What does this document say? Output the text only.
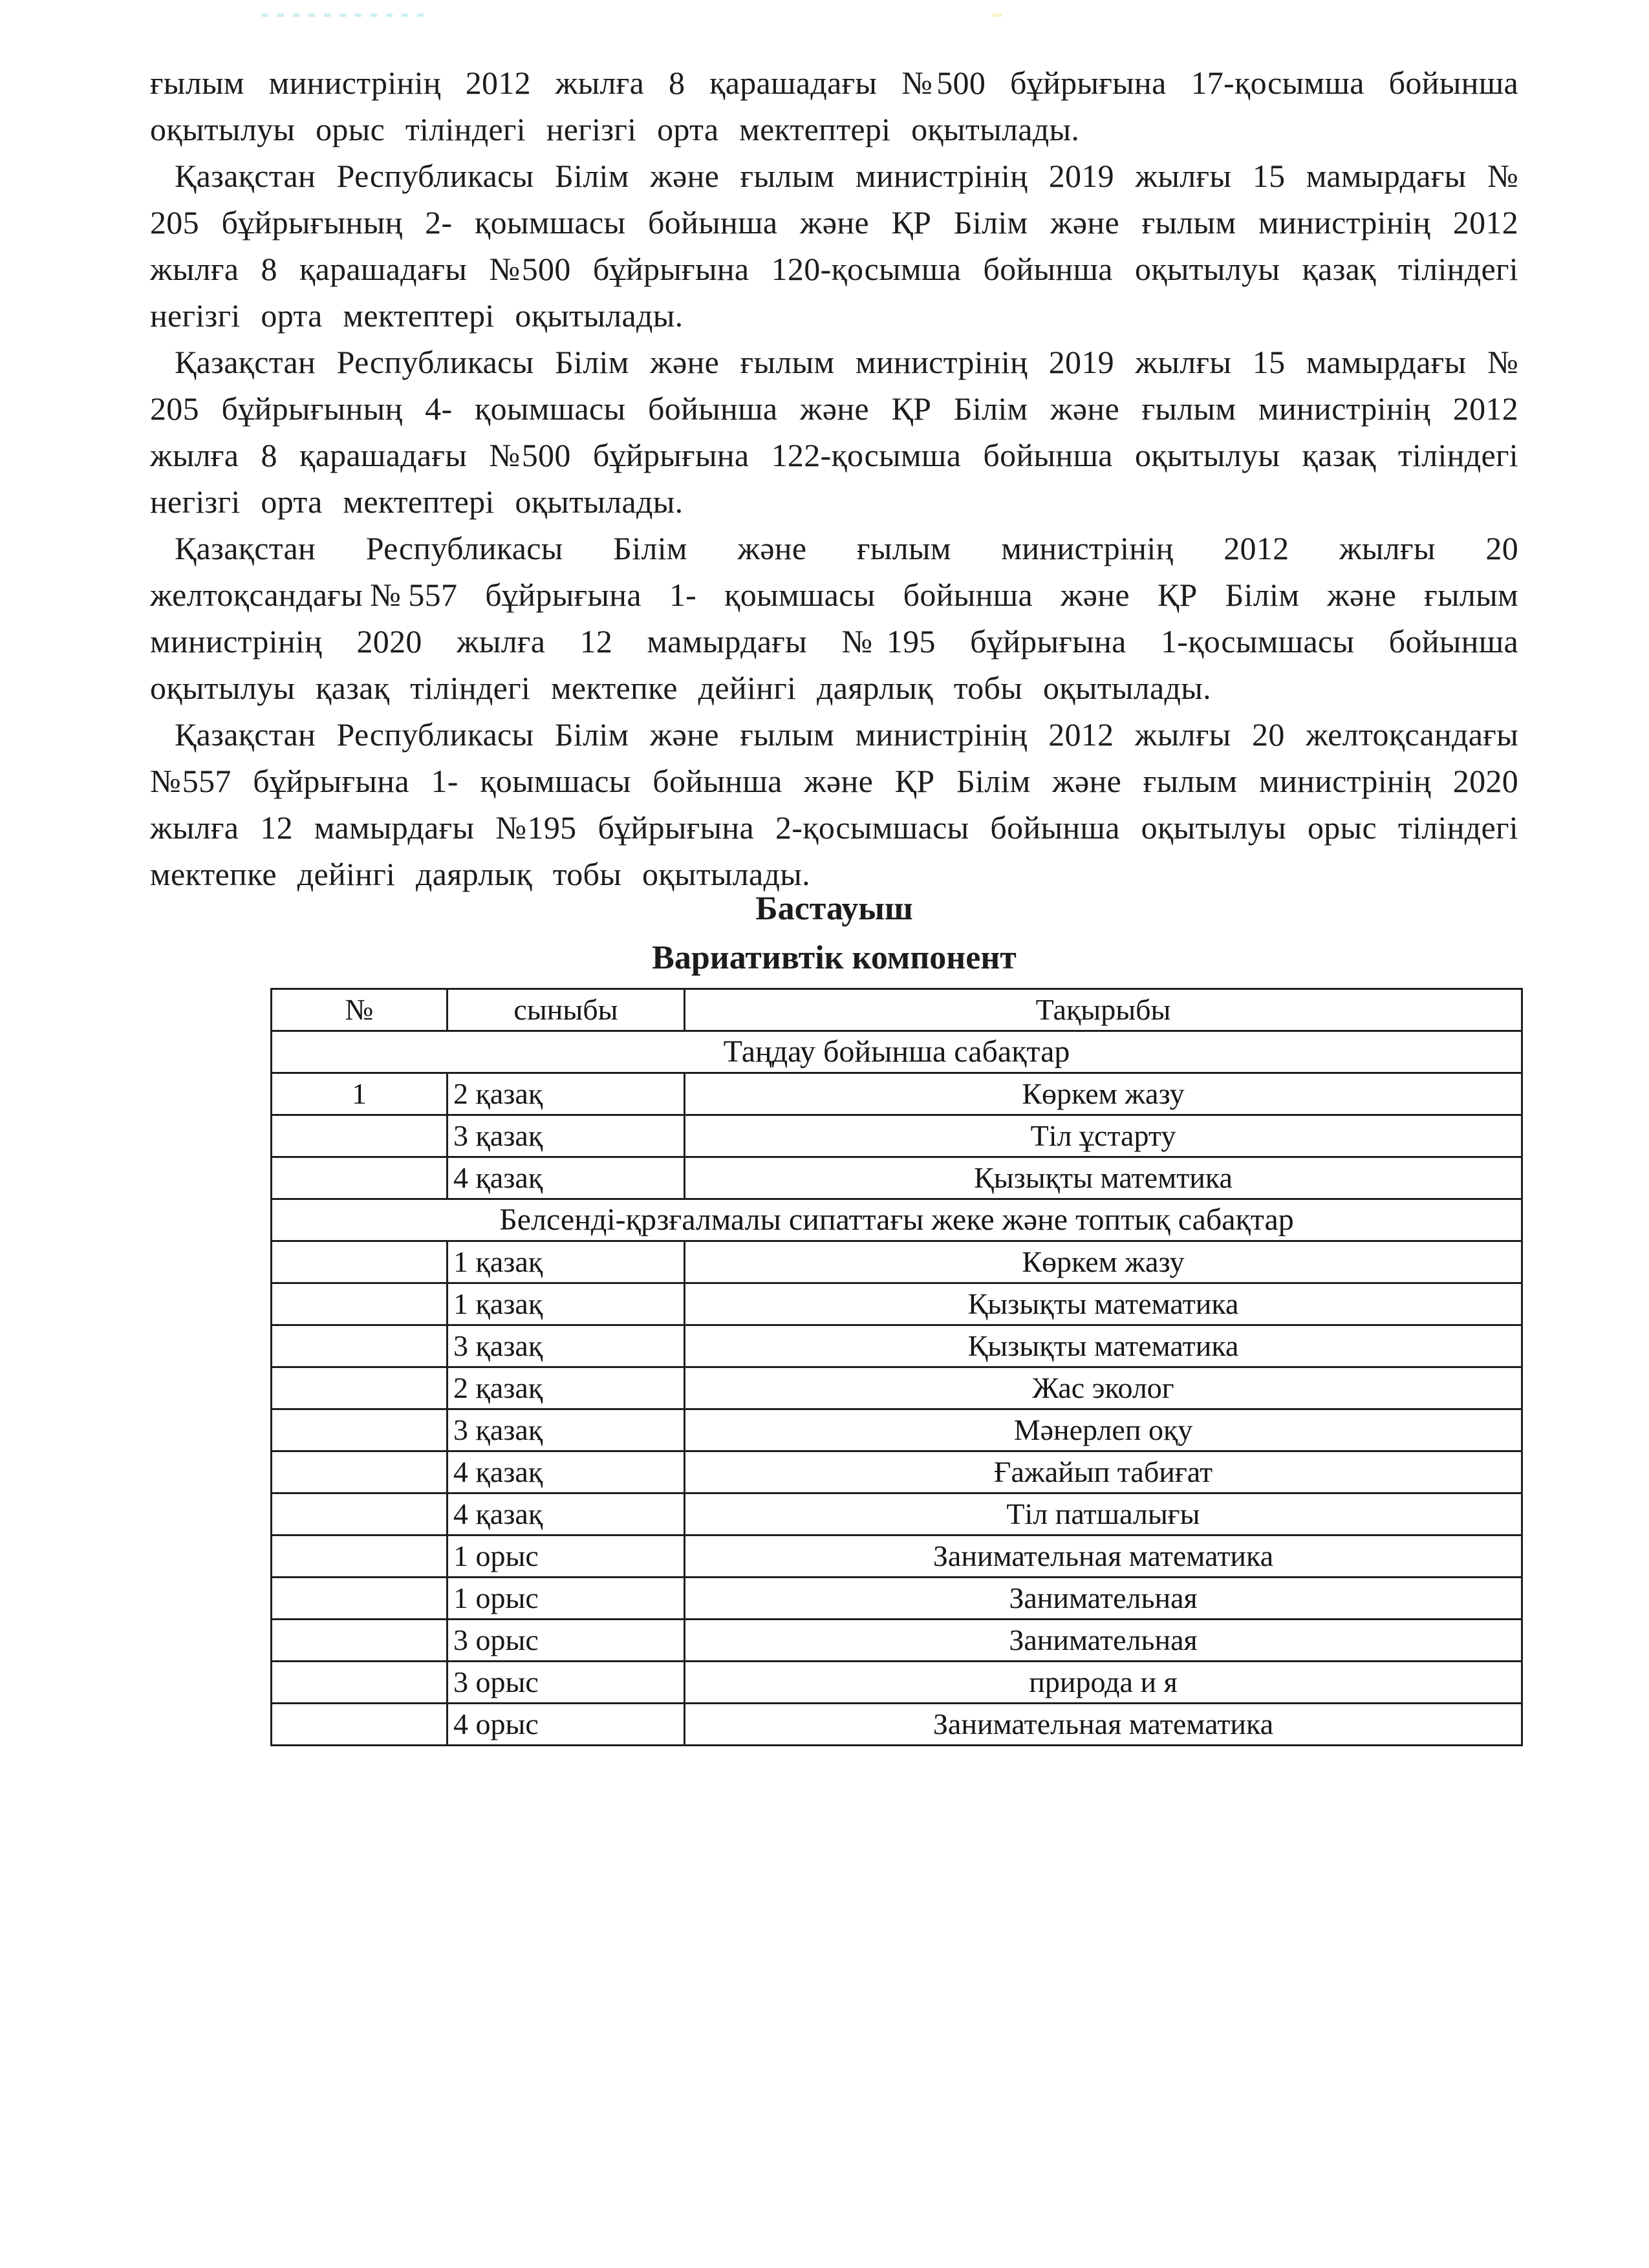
ғылым министрінің 2012 жылға 8 қарашадағы №500 бұйрығына 17-қосымша бойынша оқытылуы орыс тіліндегі негізгі орта мектептері оқытылады.

Қазақстан Республикасы Білім және ғылым министрінің 2019 жылғы 15 мамырдағы № 205 бұйрығының 2- қоымшасы бойынша және ҚР Білім және ғылым министрінің 2012 жылға 8 қарашадағы №500 бұйрығына 120-қосымша бойынша оқытылуы қазақ тіліндегі негізгі орта мектептері оқытылады.

Қазақстан Республикасы Білім және ғылым министрінің 2019 жылғы 15 мамырдағы № 205 бұйрығының 4- қоымшасы бойынша және ҚР Білім және ғылым министрінің 2012 жылға 8 қарашадағы №500 бұйрығына 122-қосымша бойынша оқытылуы қазақ тіліндегі негізгі орта мектептері оқытылады.

Қазақстан Республикасы Білім және ғылым министрінің 2012 жылғы 20 желтоқсандағы№557 бұйрығына 1- қоымшасы бойынша және ҚР Білім және ғылым министрінің 2020 жылға 12 мамырдағы №195 бұйрығына 1-қосымшасы бойынша оқытылуы қазақ тіліндегі мектепке дейінгі даярлық тобы оқытылады.

Қазақстан Республикасы Білім және ғылым министрінің 2012 жылғы 20 желтоқсандағы №557 бұйрығына 1- қоымшасы бойынша және ҚР Білім және ғылым министрінің 2020 жылға 12 мамырдағы №195 бұйрығына 2-қосымшасы бойынша оқытылуы орыс тіліндегі мектепке дейінгі даярлық тобы оқытылады.

Бастауыш

Вариативтік компонент

№	сыныбы	Тақырыбы
Таңдау бойынша сабақтар		
1	2 қазақ	Көркем жазу
	3 қазақ	Тіл ұстарту
	4 қазақ	Қызықты матемтика
Белсенді-қрзғалмалы сипаттағы жеке және топтық сабақтар		
	1 қазақ	Көркем жазу
	1 қазақ	Қызықты математика
	3 қазақ	Қызықты математика
	2 қазақ	Жас эколог
	3 қазақ	Мәнерлеп оқу
	4 қазақ	Ғажайып табиғат
	4 қазақ	Тіл патшалығы
	1 орыс	Занимательная математика
	1 орыс	Занимательная
	3 орыс	Занимательная
	3 орыс	природа и я
	4 орыс	Занимательная математика
